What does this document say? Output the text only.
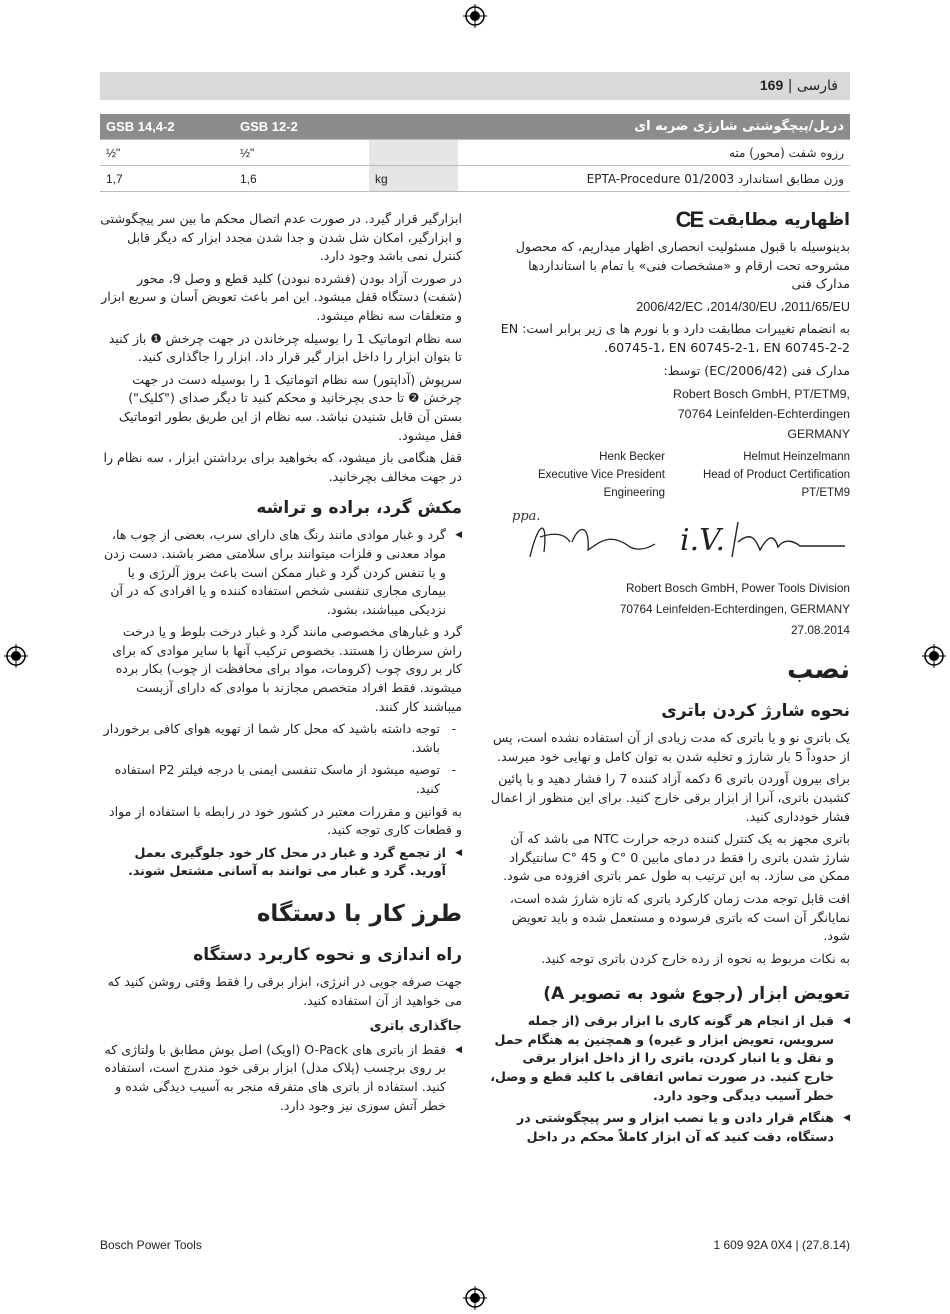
فارسی | 169
GSB 14,4-2	GSB 12-2		دریل/پیچگوشتی شارژی ضربه ای
½"	½"		رزوه شفت (محور) مته
1,7	1,6	kg	وزن مطابق استاندارد EPTA-Procedure 01/2003
اظهاریه مطابقت CE

بدینوسیله با قبول مسئولیت انحصاری اظهار میداریم، که محصول مشروحه تحت ارقام و «مشخصات فنی» با تمام با استانداردها مدارک فنی

2006/42/EC ،2014/30/EU ،2011/65/EU

به انضمام تغییرات مطابقت دارد و با نورم ها ی زیر برابر است: EN 60745-1، EN 60745-2-1، EN 60745-2-2.

مدارک فنی (2006/42/EC) توسط:

Robert Bosch GmbH, PT/ETM9,
70764 Leinfelden-Echterdingen
GERMANY
Henk Becker
Executive Vice President
Engineering
Helmut Heinzelmann
Head of Product Certification
PT/ETM9
ppa.
i.V.
Robert Bosch GmbH, Power Tools Division
70764 Leinfelden-Echterdingen, GERMANY
27.08.2014
نصب
نحوه شارژ کردن باتری

یک باتری نو و یا باتری که مدت زیادی از آن استفاده نشده است، پس از حدوداً 5 بار شارژ و تخلیه شدن به توان کامل و نهایی خود میرسد.

برای بیرون آوردن باتری 6 دکمه آزاد کننده 7 را فشار دهید و با پائین کشیدن باتری، آنرا از ابزار برقی خارج کنید. برای این منظور از اعمال فشار خودداری کنید.

باتری مجهز به یک کنترل کننده درجه حرارت NTC می باشد که آن شارژ شدن باتری را فقط در دمای مابین 0 °C و 45 °C سانتیگراد ممکن می سازد. به این ترتیب به طول عمر باتری افزوده می شود.

افت قابل توجه مدت زمان کارکرد باتری که تازه شارژ شده است، نمایانگر آن است که باتری فرسوده و مستعمل شده و باید تعویض شود.

به نکات مربوط به نحوه از رده خارج کردن باتری توجه کنید.

تعویض ابزار (رجوع شود به تصویر A)
◀ قبل از انجام هر گونه کاری با ابزار برقی (از جمله سرویس، تعویض ابزار و غیره) و همچنین به هنگام حمل و نقل و یا انبار کردن، باتری را از داخل ابزار برقی خارج کنید. در صورت تماس اتفاقی با کلید قطع و وصل، خطر آسیب دیدگی وجود دارد.
◀ هنگام قرار دادن و یا نصب ابزار و سر پیچگوشتی در دستگاه، دقت کنید که آن ابزار کاملاً محکم در داخل

ابزارگیر قرار گیرد. در صورت عدم اتصال محکم ما بین سر پیچگوشتی و ابزارگیر، امکان شل شدن و جدا شدن مجدد ابزار که دیگر قابل کنترل نمی باشد وجود دارد.

در صورت آزاد بودن (فشرده نبودن) کلید قطع و وصل 9، محور (شفت) دستگاه قفل میشود. این امر باعث تعویض آسان و سریع ابزار و متعلقات سه نظام میشود.

سه نظام اتوماتیک 1 را بوسیله چرخاندن در جهت چرخش ❶ باز کنید تا بتوان ابزار را داخل ابزار گیر قرار داد. ابزار را جاگذاری کنید.

سرپوش (آداپتور) سه نظام اتوماتیک 1 را بوسیله دست در جهت چرخش ❷ تا حدی بچرخانید و محکم کنید تا دیگر صدای ("کلیک") بستن آن قابل شنیدن نباشد. سه نظام از این طریق بطور اتوماتیک قفل میشود.

قفل هنگامی باز میشود، که بخواهید برای برداشتن ابزار ، سه نظام را در جهت مخالف بچرخانید.

مکش گرد، براده و تراشه
◀ گرد و غبار موادی مانند رنگ های دارای سرب، بعضی از چوب ها، مواد معدنی و فلزات میتوانند برای سلامتی مضر باشند. دست زدن و یا تنفس کردن گرد و غبار ممکن است باعث بروز آلرژی و یا بیماری مجاری تنفسی شخص استفاده کننده و یا افرادی که در آن نزدیکی میباشند، بشود.

گرد و غبارهای مخصوصی مانند گرد و غبار درخت بلوط و یا درخت راش سرطان زا هستند. بخصوص ترکیب آنها با سایر موادی که برای کار بر روی چوب (کرومات، مواد برای محافظت از چوب) بکار برده میشوند. فقط افراد متخصص مجازند با موادی که دارای آزبست میباشند کار کنند.

- توجه داشته باشید که محل کار شما از تهویه هوای کافی برخوردار باشد.
- توصیه میشود از ماسک تنفسی ایمنی با درجه فیلتر P2 استفاده کنید.

به قوانین و مقررات معتبر در کشور خود در رابطه با استفاده از مواد و قطعات کاری توجه کنید.

◀ از تجمع گرد و غبار در محل کار خود جلوگیری بعمل آورید. گرد و غبار می توانند به آسانی مشتعل شوند.
طرز کار با دستگاه
راه اندازی و نحوه کاربرد دستگاه

جهت صرفه جویی در انرژی، ابزار برقی را فقط وقتی روشن کنید که می خواهید از آن استفاده کنید.

جاگذاری باتری
◀ فقط از باتری های O-Pack (اویک) اصل بوش مطابق با ولتاژی که بر روی برچسب (پلاک مدل) ابزار برقی خود مندرج است، استفاده کنید. استفاده از باتری های متفرقه منجر به آسیب دیدگی شده و خطر آتش سوزی نیز وجود دارد.
Bosch Power Tools	1 609 92A 0X4 | (27.8.14)
